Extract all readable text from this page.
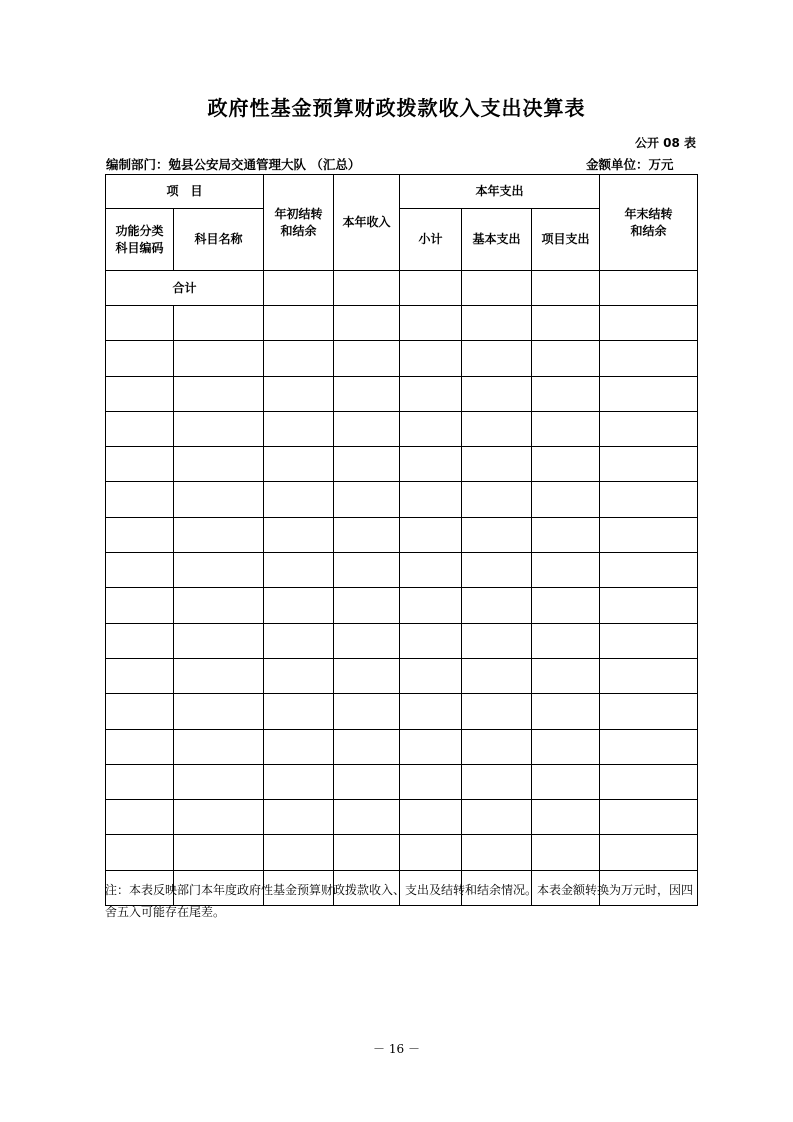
政府性基金预算财政拨款收入支出决算表
公开 08 表
编制部门：勉县公安局交通管理大队 （汇总）	金额单位：万元
项　目		年初结转和结余	本年收入	本年支出			年末结转和结余

功能分类科目编码	科目名称			小计	基本支出	项目支出	
合计							

注：本表反映部门本年度政府性基金预算财政拨款收入、支出及结转和结余情况。本表金额转换为万元时，因四舍五入可能存在尾差。
－ 16 －
